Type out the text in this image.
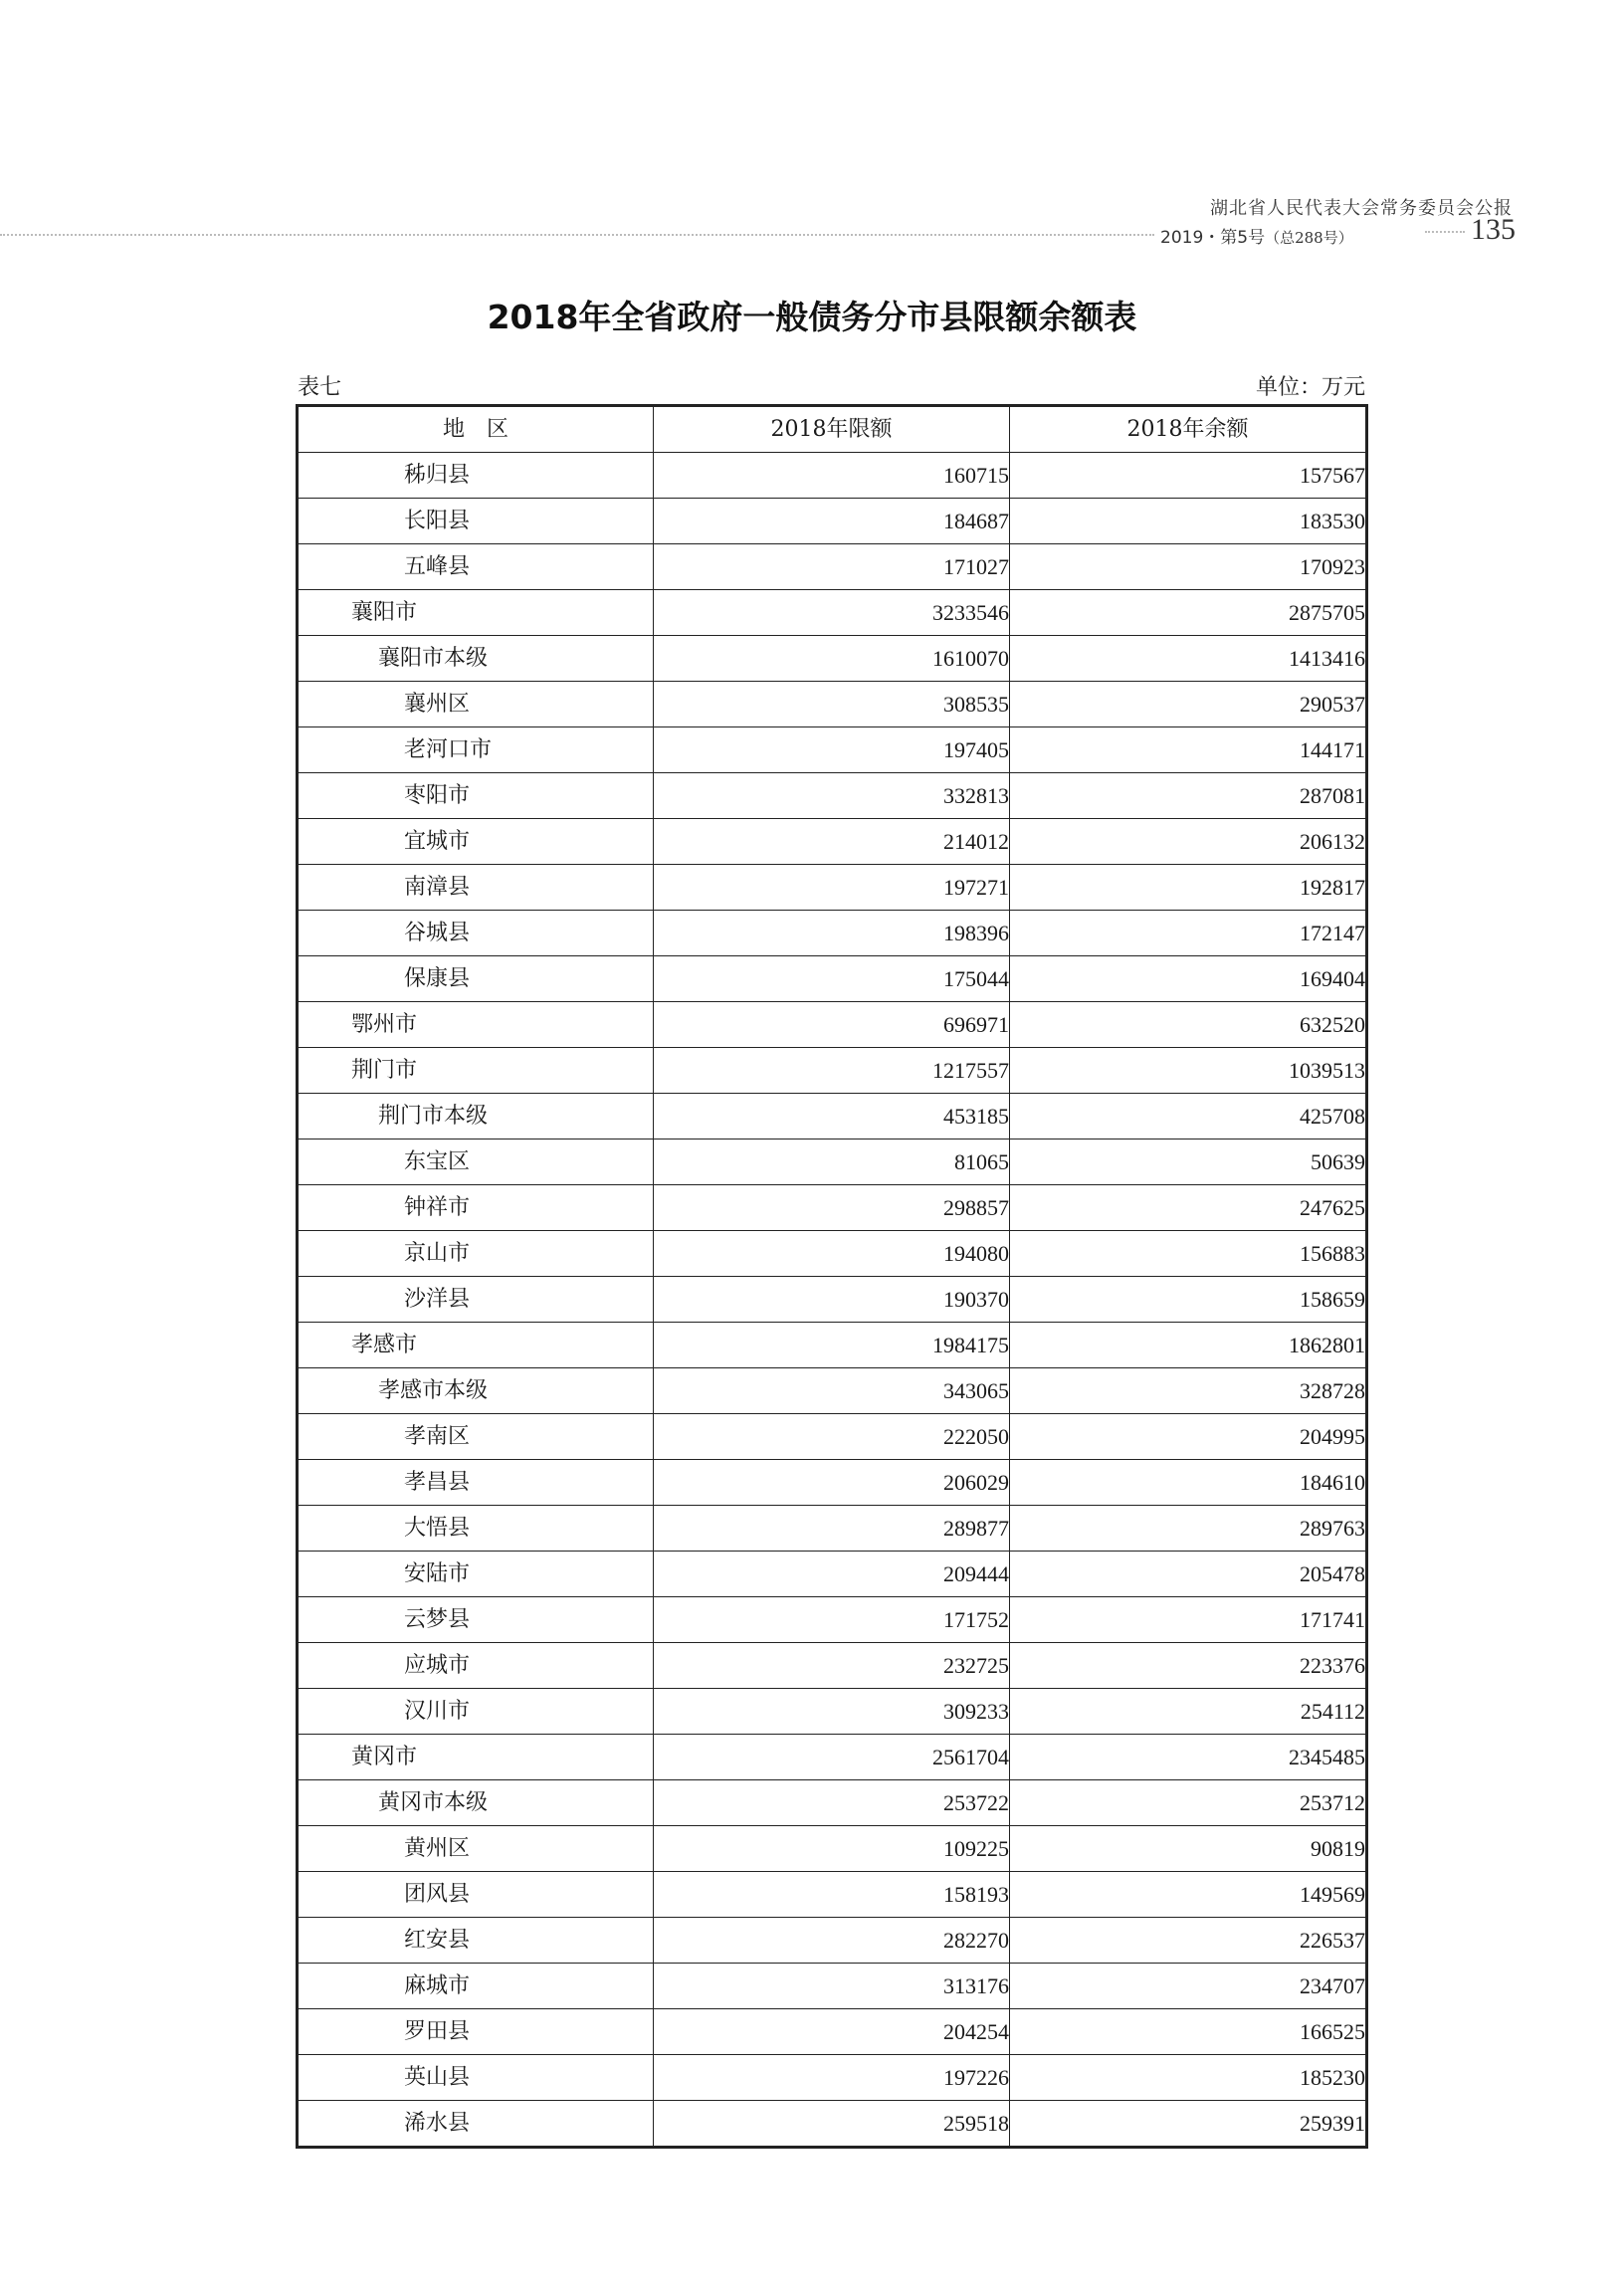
湖北省人民代表大会常务委员会公报
2019・第5号（总288号）	135
2018年全省政府一般债务分市县限额余额表
表七	单位：万元
地　区	2018年限额	2018年余额
秭归县	160715	157567
长阳县	184687	183530
五峰县	171027	170923
襄阳市	3233546	2875705
襄阳市本级	1610070	1413416
襄州区	308535	290537
老河口市	197405	144171
枣阳市	332813	287081
宜城市	214012	206132
南漳县	197271	192817
谷城县	198396	172147
保康县	175044	169404
鄂州市	696971	632520
荆门市	1217557	1039513
荆门市本级	453185	425708
东宝区	81065	50639
钟祥市	298857	247625
京山市	194080	156883
沙洋县	190370	158659
孝感市	1984175	1862801
孝感市本级	343065	328728
孝南区	222050	204995
孝昌县	206029	184610
大悟县	289877	289763
安陆市	209444	205478
云梦县	171752	171741
应城市	232725	223376
汉川市	309233	254112
黄冈市	2561704	2345485
黄冈市本级	253722	253712
黄州区	109225	90819
团风县	158193	149569
红安县	282270	226537
麻城市	313176	234707
罗田县	204254	166525
英山县	197226	185230
浠水县	259518	259391
